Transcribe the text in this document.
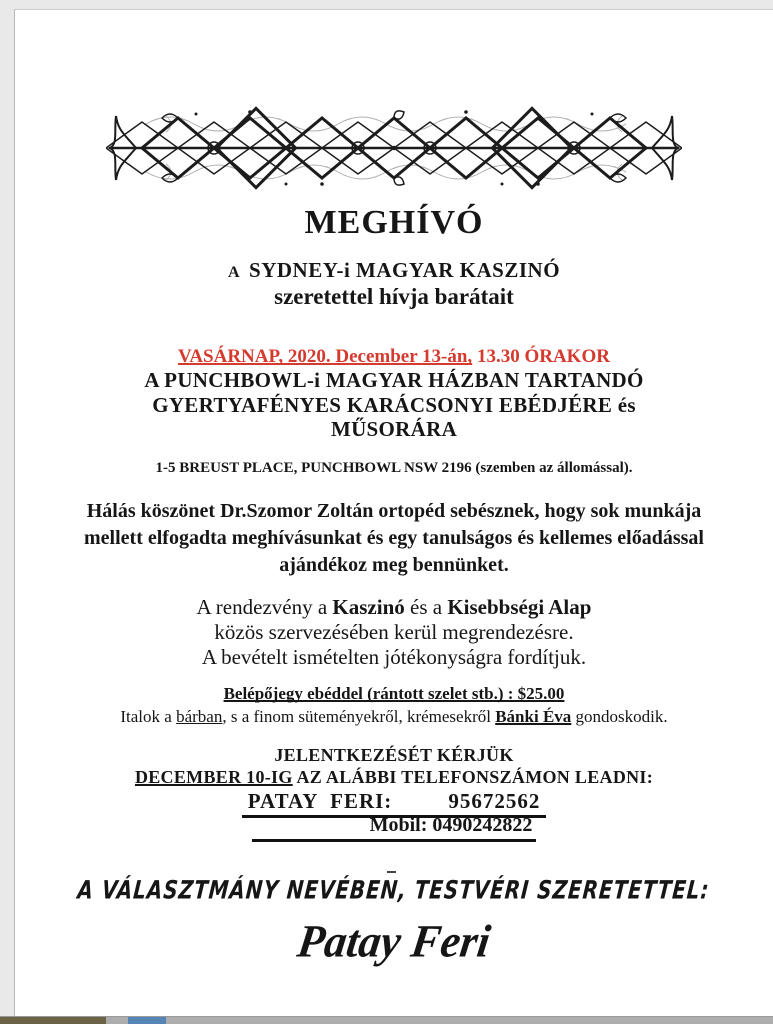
MEGHÍVÓ
A SYDNEY-i MAGYAR KASZINÓ
szeretettel hívja barátait
VASÁRNAP, 2020. December 13-án, 13.30 ÓRAKOR
A PUNCHBOWL-i MAGYAR HÁZBAN TARTANDÓ
GYERTYAFÉNYES KARÁCSONYI EBÉDJÉRE és
MŰSORÁRA
1-5 BREUST PLACE, PUNCHBOWL NSW 2196 (szemben az állomással).
Hálás köszönet Dr.Szomor Zoltán ortopéd sebésznek, hogy sok munkája mellett elfogadta meghívásunkat és egy tanulságos és kellemes előadással ajándékoz meg bennünket.
A rendezvény a Kaszinó és a Kisebbségi Alap
közös szervezésében kerül megrendezésre.
A bevételt ismételten jótékonyságra fordítjuk.
Belépőjegy ebéddel (rántott szelet stb.) : $25.00
Italok a bárban, s a finom süteményekről, krémesekről Bánki Éva gondoskodik.
JELENTKEZÉSÉT KÉRJÜK
DECEMBER 10-IG AZ ALÁBBI TELEFONSZÁMON LEADNI:
PATAY  FERI:	95672562
Mobil: 0490242822
A VÁLASZTMÁNY NEVÉBEN, TESTVÉRI SZERETETTEL:
Patay Feri
